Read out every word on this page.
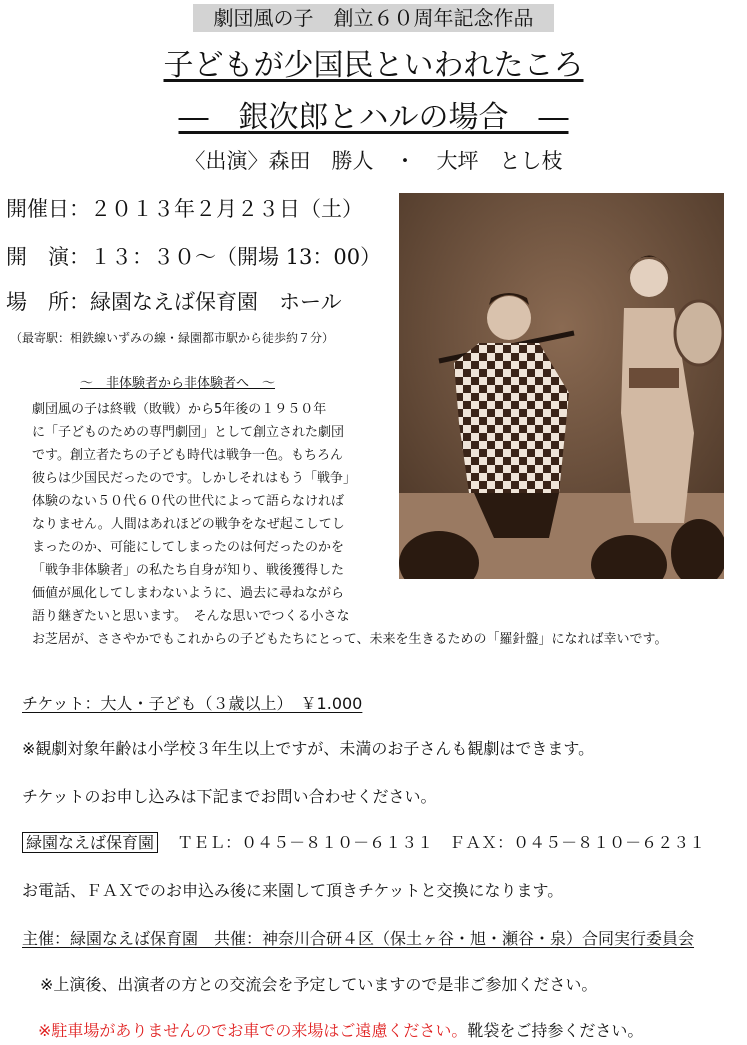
劇団風の子　創立６０周年記念作品
子どもが少国民といわれたころ
―　銀次郎とハルの場合　―
〈出演〉森田　勝人　・　大坪　とし枝
開催日：２０１３年２月２３日（土）
開　演：１３：３０～（開場 13：00）
場　所：緑園なえば保育園　ホール
（最寄駅：相鉄線いずみの線・緑園都市駅から徒歩約７分）
～　非体験者から非体験者へ　～
劇団風の子は終戦（敗戦）から5年後の１９５０年
に「子どものための専門劇団」として創立された劇団
です。創立者たちの子ども時代は戦争一色。もちろん
彼らは少国民だったのです。しかしそれはもう「戦争」
体験のない５０代６０代の世代によって語らなければ
なりません。人間はあれほどの戦争をなぜ起こしてし
まったのか、可能にしてしまったのは何だったのかを
「戦争非体験者」の私たち自身が知り、戦後獲得した
価値が風化してしまわないように、過去に尋ねながら
語り継ぎたいと思います。　そんな思いでつくる小さな
お芝居が、ささやかでもこれからの子どもたちにとって、未来を生きるための「羅針盤」になれば幸いです。
チケット：大人・子ども（３歳以上）　￥1.000
※観劇対象年齢は小学校３年生以上ですが、未満のお子さんも観劇はできます。
チケットのお申し込みは下記までお問い合わせください。
緑園なえば保育園 ＴＥＬ：０４５－８１０－６１３１　ＦＡＸ：０４５－８１０－６２３１
お電話、ＦＡＸでのお申込み後に来園して頂きチケットと交換になります。
主催：緑園なえば保育園　共催：神奈川合研４区（保土ヶ谷・旭・瀬谷・泉）合同実行委員会
※上演後、出演者の方との交流会を予定していますので是非ご参加ください。
※駐車場がありませんのでお車での来場はご遠慮ください。靴袋をご持参ください。
